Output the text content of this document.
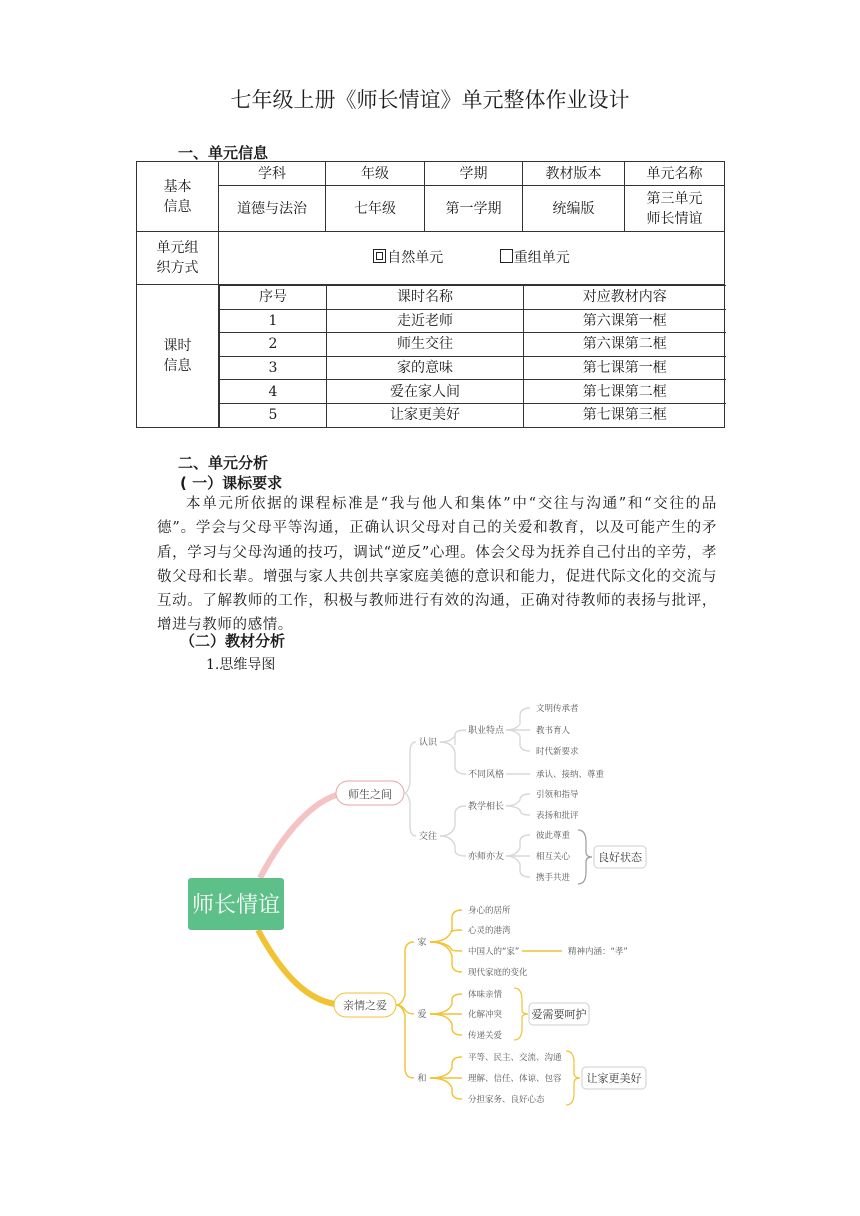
七年级上册《师长情谊》单元整体作业设计
一、单元信息
基本
信息	学科	年级	学期	教材版本	单元名称
道德与法治	七年级	第一学期	统编版	第三单元
师长情谊
单元组
织方式	自然单元	重组单元
课时
信息	
序号	课时名称	对应教材内容
1	走近老师	第六课第一框
2	师生交往	第六课第二框
3	家的意味	第七课第一框
4	爱在家人间	第七课第二框
5	让家更美好	第七课第三框
二、单元分析
( 一）课标要求
本单元所依据的课程标准是“我与他人和集体”中“交往与沟通”和“交往的品德”。学会与父母平等沟通，正确认识父母对自己的关爱和教育，以及可能产生的矛盾，学习与父母沟通的技巧，调试“逆反”心理。体会父母为抚养自己付出的辛劳，孝敬父母和长辈。增强与家人共创共享家庭美德的意识和能力，促进代际文化的交流与互动。了解教师的工作，积极与教师进行有效的沟通，正确对待教师的表扬与批评，增进与教师的感情。
（二）教材分析
1.思维导图
师长情谊
师生之间
认识
职业特点
文明传承者
教书育人
时代新要求
不同风格	承认、接纳、尊重
交往
教学相长
引领和指导
表扬和批评
亦师亦友
彼此尊重
相互关心
携手共进
良好状态
亲情之爱
家
身心的居所
心灵的港湾
中国人的“家”
现代家庭的变化
精神内涵：“孝”
爱
体味亲情
化解冲突
传递关爱
爱需要呵护
和
平等、民主、交流、沟通
理解、信任、体谅、包容
分担家务、良好心态
让家更美好
